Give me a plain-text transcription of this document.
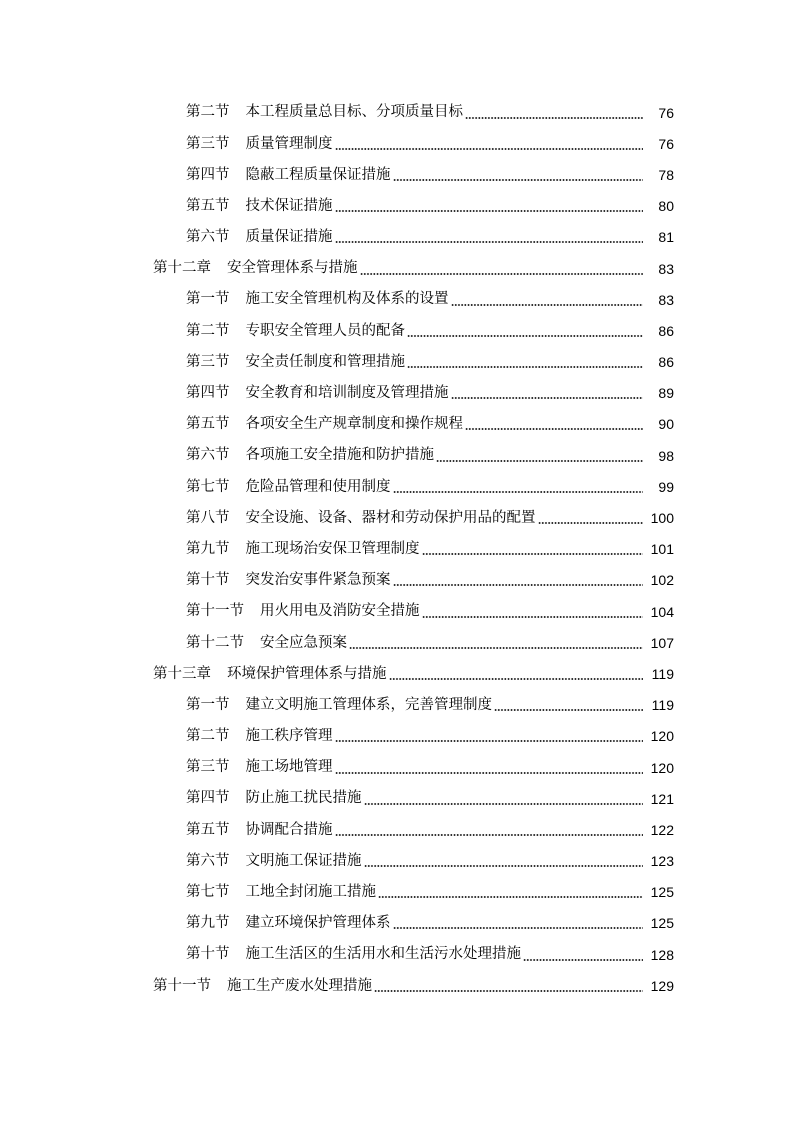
第二节 本工程质量总目标、分项质量目标	76
第三节 质量管理制度	76
第四节 隐蔽工程质量保证措施	78
第五节 技术保证措施	80
第六节 质量保证措施	81
第十二章 安全管理体系与措施	83
第一节 施工安全管理机构及体系的设置	83
第二节 专职安全管理人员的配备	86
第三节 安全责任制度和管理措施	86
第四节 安全教育和培训制度及管理措施	89
第五节 各项安全生产规章制度和操作规程	90
第六节 各项施工安全措施和防护措施	98
第七节 危险品管理和使用制度	99
第八节 安全设施、设备、器材和劳动保护用品的配置	100
第九节 施工现场治安保卫管理制度	101
第十节 突发治安事件紧急预案	102
第十一节 用火用电及消防安全措施	104
第十二节 安全应急预案	107
第十三章 环境保护管理体系与措施	119
第一节 建立文明施工管理体系，完善管理制度	119
第二节 施工秩序管理	120
第三节 施工场地管理	120
第四节 防止施工扰民措施	121
第五节 协调配合措施	122
第六节 文明施工保证措施	123
第七节 工地全封闭施工措施	125
第九节 建立环境保护管理体系	125
第十节 施工生活区的生活用水和生活污水处理措施	128
第十一节 施工生产废水处理措施	129
